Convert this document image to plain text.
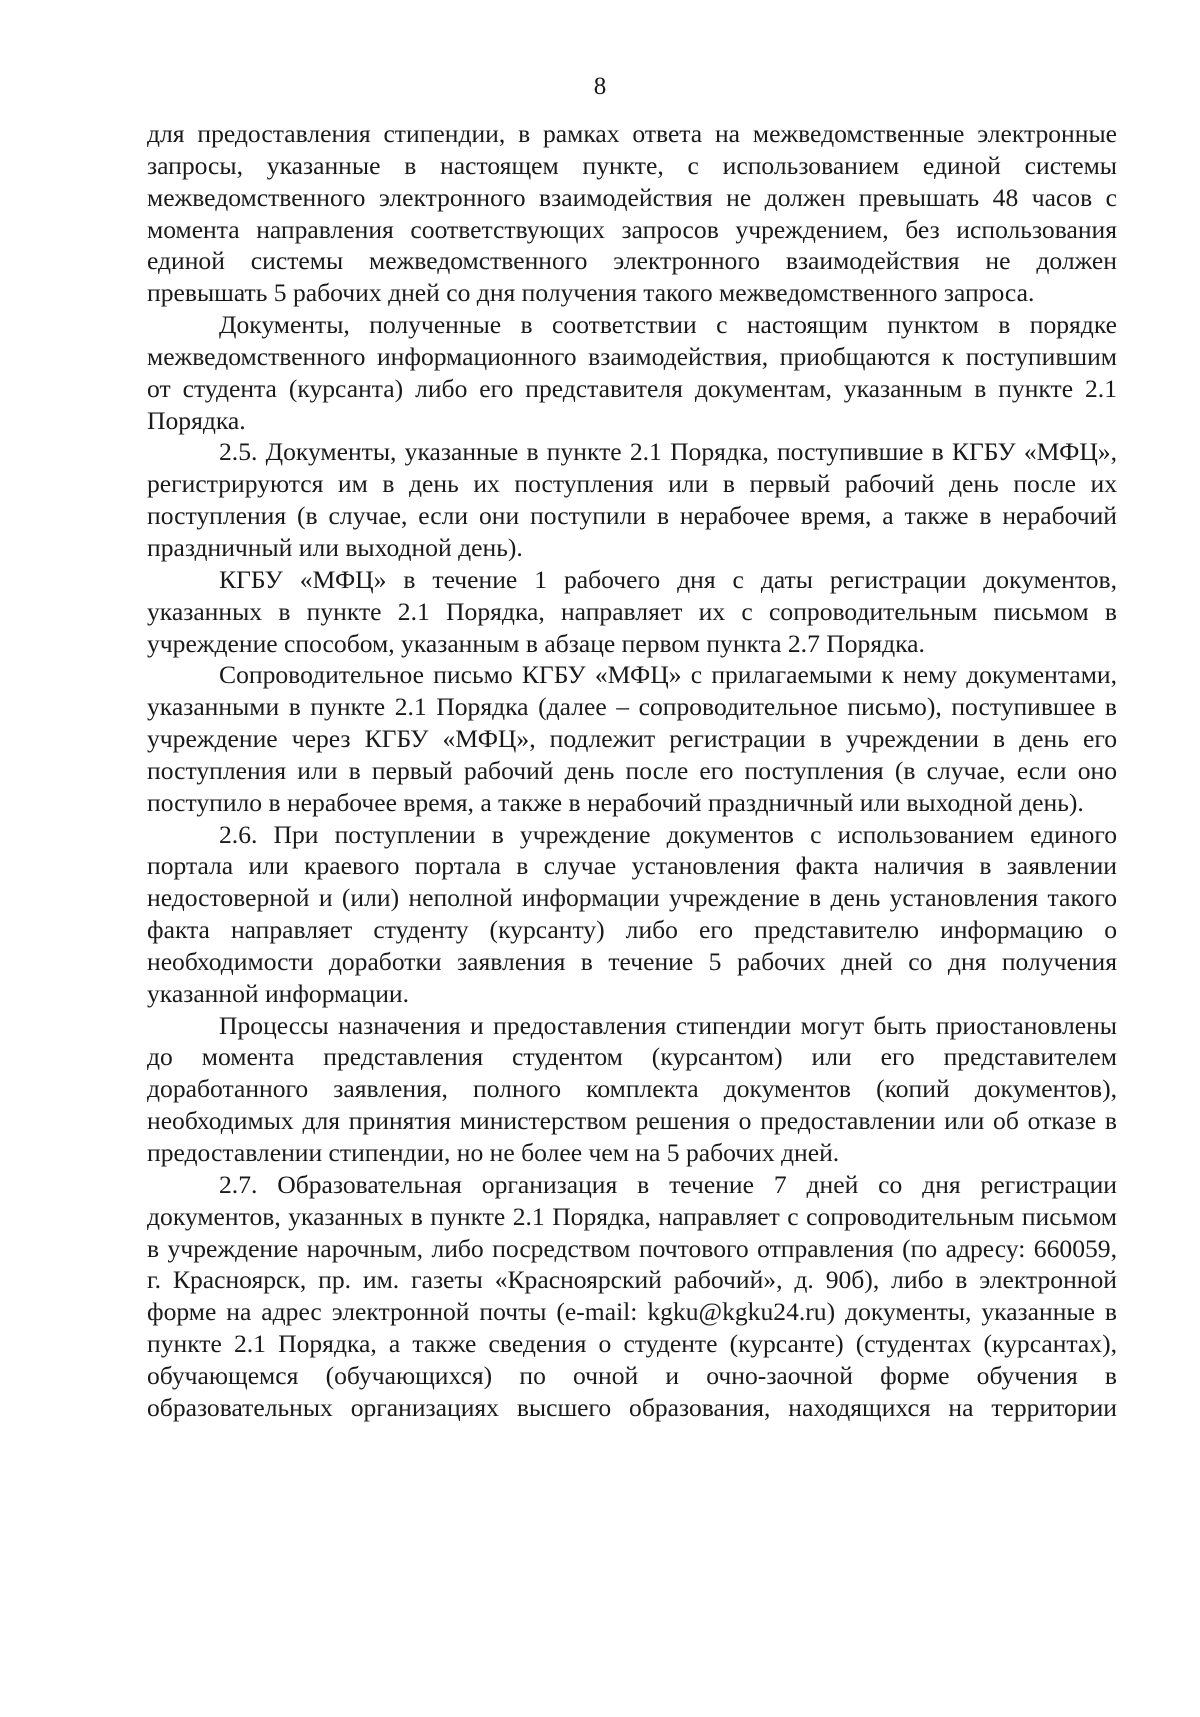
8

для предоставления стипендии, в рамках ответа на межведомственные электронные запросы, указанные в настоящем пункте, с использованием единой системы межведомственного электронного взаимодействия не должен превышать 48 часов с момента направления соответствующих запросов учреждением, без использования единой системы межведомственного электронного взаимодействия не должен превышать 5 рабочих дней со дня получения такого межведомственного запроса.

Документы, полученные в соответствии с настоящим пунктом в порядке межведомственного информационного взаимодействия, приобщаются к поступившим от студента (курсанта) либо его представителя документам, указанным в пункте 2.1 Порядка.

2.5. Документы, указанные в пункте 2.1 Порядка, поступившие в КГБУ «МФЦ», регистрируются им в день их поступления или в первый рабочий день после их поступления (в случае, если они поступили в нерабочее время, а также в нерабочий праздничный или выходной день).

КГБУ «МФЦ» в течение 1 рабочего дня с даты регистрации документов, указанных в пункте 2.1 Порядка, направляет их с сопроводительным письмом в учреждение способом, указанным в абзаце первом пункта 2.7 Порядка.

Сопроводительное письмо КГБУ «МФЦ» с прилагаемыми к нему документами, указанными в пункте 2.1 Порядка (далее – сопроводительное письмо), поступившее в учреждение через КГБУ «МФЦ», подлежит регистрации в учреждении в день его поступления или в первый рабочий день после его поступления (в случае, если оно поступило в нерабочее время, а также в нерабочий праздничный или выходной день).

2.6. При поступлении в учреждение документов с использованием единого портала или краевого портала в случае установления факта наличия в заявлении недостоверной и (или) неполной информации учреждение в день установления такого факта направляет студенту (курсанту) либо его представителю информацию о необходимости доработки заявления в течение 5 рабочих дней со дня получения указанной информации.

Процессы назначения и предоставления стипендии могут быть приостановлены до момента представления студентом (курсантом) или его представителем доработанного заявления, полного комплекта документов (копий документов), необходимых для принятия министерством решения о предоставлении или об отказе в предоставлении стипендии, но не более чем на 5 рабочих дней.

2.7. Образовательная организация в течение 7 дней со дня регистрации документов, указанных в пункте 2.1 Порядка, направляет с сопроводительным письмом в учреждение нарочным, либо посредством почтового отправления (по адресу: 660059, г. Красноярск, пр. им. газеты «Красноярский рабочий», д. 90б), либо в электронной форме на адрес электронной почты (e-mail: kgku@kgku24.ru) документы, указанные в пункте 2.1 Порядка, а также сведения о студенте (курсанте) (студентах (курсантах), обучающемся (обучающихся) по очной и очно-заочной форме обучения в образовательных организациях высшего образования, находящихся на территории
